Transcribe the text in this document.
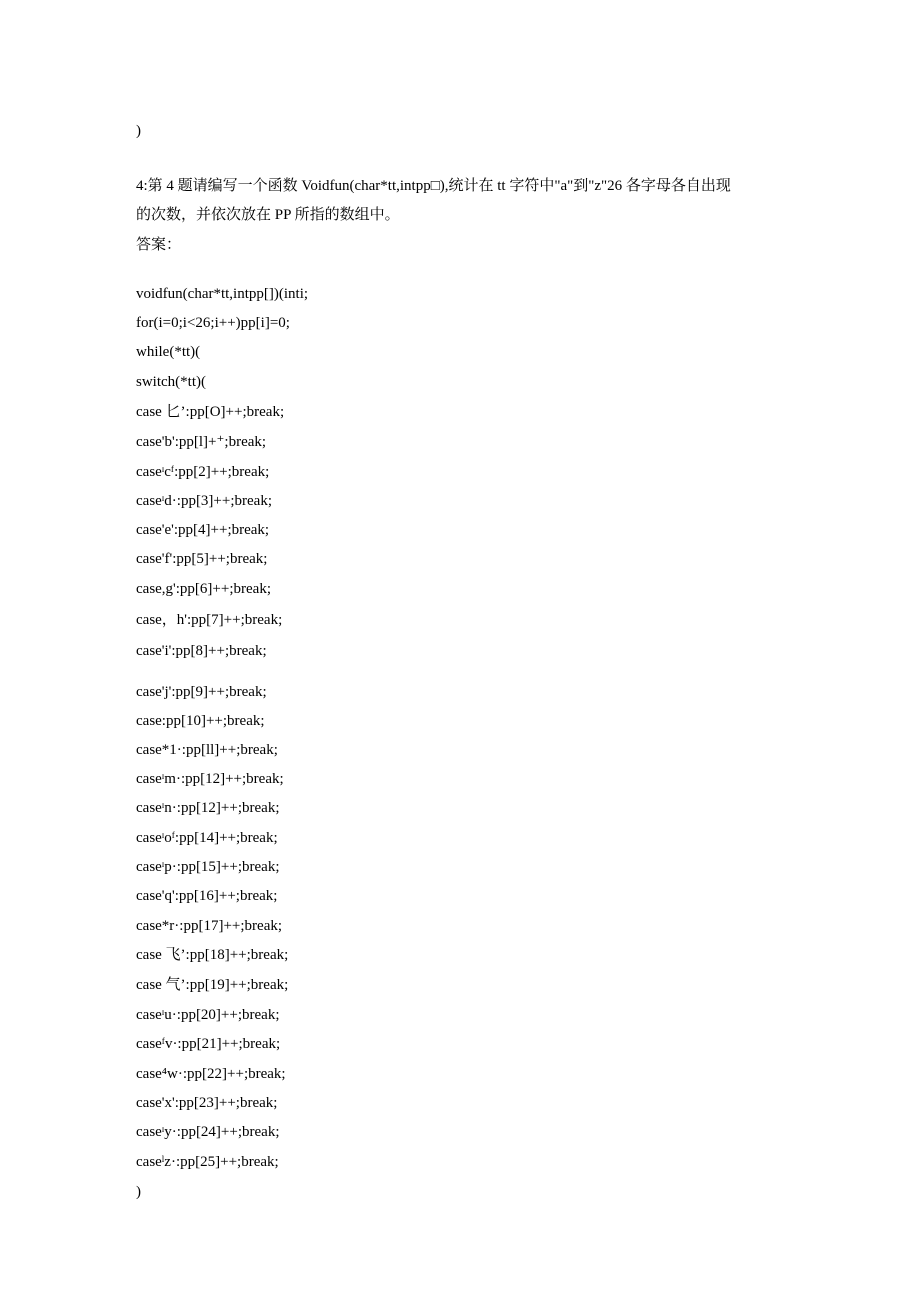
)
4:第 4 题请编写一个函数 Voidfun(char*tt,intpp□),统计在 tt 字符中"a"到"z"26 各字母各自出现
的次数，并依次放在 PP 所指的数组中。
答案：
voidfun(char*tt,intpp[])(inti;
for(i=0;i<26;i++)pp[i]=0;
while(*tt)(
switch(*tt)(
case 匕’:pp[O]++;break;
case'b':pp[l]+⁺;break;
caseᶦcᶠ:pp[2]++;break;
caseᶦd·:pp[3]++;break;
case'e':pp[4]++;break;
case'f':pp[5]++;break;
case,g':pp[6]++;break;
case，h':pp[7]++;break;
case'i':pp[8]++;break;
case'j':pp[9]++;break;
case:pp[10]++;break;
case*1·:pp[ll]++;break;
caseᶦm·:pp[12]++;break;
caseᶦn·:pp[12]++;break;
caseᶦoᶠ:pp[14]++;break;
caseᶦp·:pp[15]++;break;
case'q':pp[16]++;break;
case*r·:pp[17]++;break;
case 飞’:pp[18]++;break;
case 气’:pp[19]++;break;
caseᶦu·:pp[20]++;break;
caseᶠv·:pp[21]++;break;
case⁴w·:pp[22]++;break;
case'x':pp[23]++;break;
caseᶦy·:pp[24]++;break;
caseˡz·:pp[25]++;break;
)
